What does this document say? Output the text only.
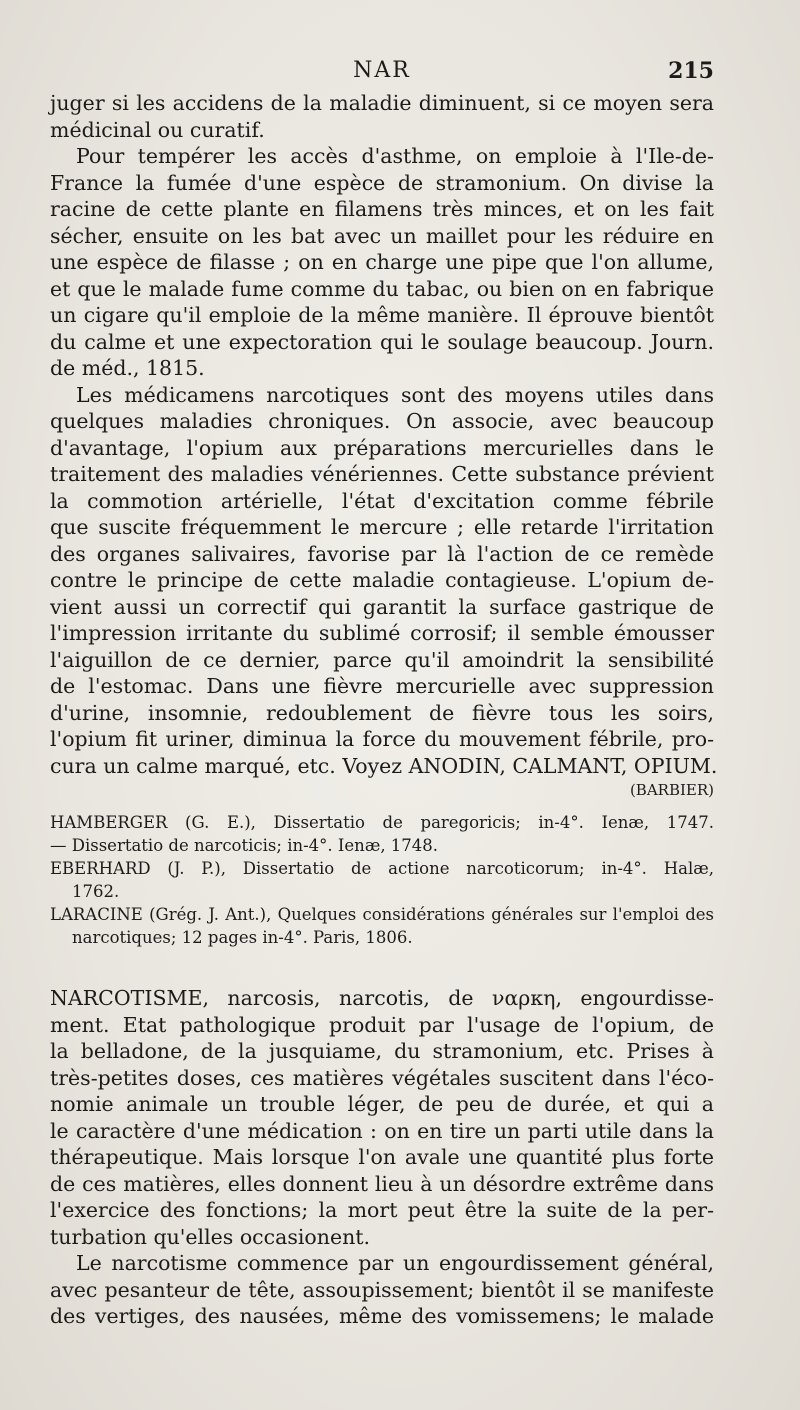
NAR	215
juger si les accidens de la maladie diminuent, si ce moyen sera
médicinal ou curatif.
Pour tempérer les accès d'asthme, on emploie à l'Ile-de-
France la fumée d'une espèce de stramonium. On divise la
racine de cette plante en filamens très minces, et on les fait
sécher, ensuite on les bat avec un maillet pour les réduire en
une espèce de filasse ; on en charge une pipe que l'on allume,
et que le malade fume comme du tabac, ou bien on en fabrique
un cigare qu'il emploie de la même manière. Il éprouve bientôt
du calme et une expectoration qui le soulage beaucoup. Journ.
de méd., 1815.
Les médicamens narcotiques sont des moyens utiles dans
quelques maladies chroniques. On associe, avec beaucoup
d'avantage, l'opium aux préparations mercurielles dans le
traitement des maladies vénériennes. Cette substance prévient
la commotion artérielle, l'état d'excitation comme fébrile
que suscite fréquemment le mercure ; elle retarde l'irritation
des organes salivaires, favorise par là l'action de ce remède
contre le principe de cette maladie contagieuse. L'opium de-
vient aussi un correctif qui garantit la surface gastrique de
l'impression irritante du sublimé corrosif; il semble émousser
l'aiguillon de ce dernier, parce qu'il amoindrit la sensibilité
de l'estomac. Dans une fièvre mercurielle avec suppression
d'urine, insomnie, redoublement de fièvre tous les soirs,
l'opium fit uriner, diminua la force du mouvement fébrile, pro-
cura un calme marqué, etc. Voyez ANODIN, CALMANT, OPIUM.
(BARBIER)
HAMBERGER (G. E.), Dissertatio de paregoricis; in-4°. Ienæ, 1747.
— Dissertatio de narcoticis; in-4°. Ienæ, 1748.
EBERHARD (J. P.), Dissertatio de actione narcoticorum; in-4°. Halæ,
1762.
LARACINE (Grég. J. Ant.), Quelques considérations générales sur l'emploi des
narcotiques; 12 pages in-4°. Paris, 1806.
NARCOTISME, narcosis, narcotis, de ναρκη, engourdisse-
ment. Etat pathologique produit par l'usage de l'opium, de
la belladone, de la jusquiame, du stramonium, etc. Prises à
très-petites doses, ces matières végétales suscitent dans l'éco-
nomie animale un trouble léger, de peu de durée, et qui a
le caractère d'une médication : on en tire un parti utile dans la
thérapeutique. Mais lorsque l'on avale une quantité plus forte
de ces matières, elles donnent lieu à un désordre extrême dans
l'exercice des fonctions; la mort peut être la suite de la per-
turbation qu'elles occasionent.
Le narcotisme commence par un engourdissement général,
avec pesanteur de tête, assoupissement; bientôt il se manifeste
des vertiges, des nausées, même des vomissemens; le malade
